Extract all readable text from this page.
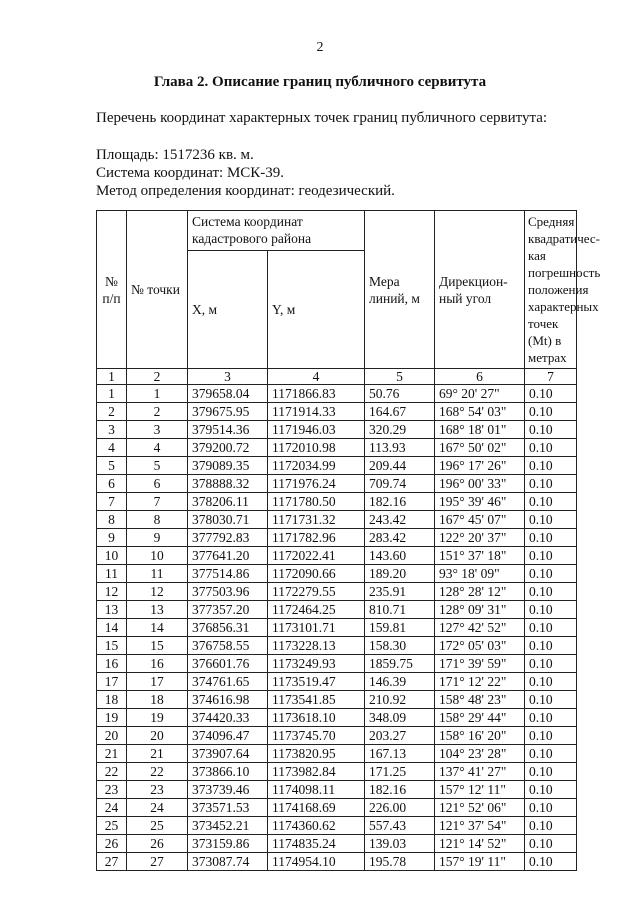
2
Глава 2. Описание границ публичного сервитута
Перечень координат характерных точек границ публичного сервитута:
Площадь: 1517236 кв. м.
Система координат: МСК-39.
Метод определения координат: геодезический.
№ п/п	№ точки	Система координат кадастрового района		Мера линий, м	Дирекцион-ный угол	Средняя квадратичес-кая погрешность положения характерных точек (Mt) в метрах
		X, м	Y, м			
1	2	3	4	5	6	7
1	1	379658.04	1171866.83	50.76	69° 20' 27"	0.10
2	2	379675.95	1171914.33	164.67	168° 54' 03"	0.10
3	3	379514.36	1171946.03	320.29	168° 18' 01"	0.10
4	4	379200.72	1172010.98	113.93	167° 50' 02"	0.10
5	5	379089.35	1172034.99	209.44	196° 17' 26"	0.10
6	6	378888.32	1171976.24	709.74	196° 00' 33"	0.10
7	7	378206.11	1171780.50	182.16	195° 39' 46"	0.10
8	8	378030.71	1171731.32	243.42	167° 45' 07"	0.10
9	9	377792.83	1171782.96	283.42	122° 20' 37"	0.10
10	10	377641.20	1172022.41	143.60	151° 37' 18"	0.10
11	11	377514.86	1172090.66	189.20	93° 18' 09"	0.10
12	12	377503.96	1172279.55	235.91	128° 28' 12"	0.10
13	13	377357.20	1172464.25	810.71	128° 09' 31"	0.10
14	14	376856.31	1173101.71	159.81	127° 42' 52"	0.10
15	15	376758.55	1173228.13	158.30	172° 05' 03"	0.10
16	16	376601.76	1173249.93	1859.75	171° 39' 59"	0.10
17	17	374761.65	1173519.47	146.39	171° 12' 22"	0.10
18	18	374616.98	1173541.85	210.92	158° 48' 23"	0.10
19	19	374420.33	1173618.10	348.09	158° 29' 44"	0.10
20	20	374096.47	1173745.70	203.27	158° 16' 20"	0.10
21	21	373907.64	1173820.95	167.13	104° 23' 28"	0.10
22	22	373866.10	1173982.84	171.25	137° 41' 27"	0.10
23	23	373739.46	1174098.11	182.16	157° 12' 11"	0.10
24	24	373571.53	1174168.69	226.00	121° 52' 06"	0.10
25	25	373452.21	1174360.62	557.43	121° 37' 54"	0.10
26	26	373159.86	1174835.24	139.03	121° 14' 52"	0.10
27	27	373087.74	1174954.10	195.78	157° 19' 11"	0.10
